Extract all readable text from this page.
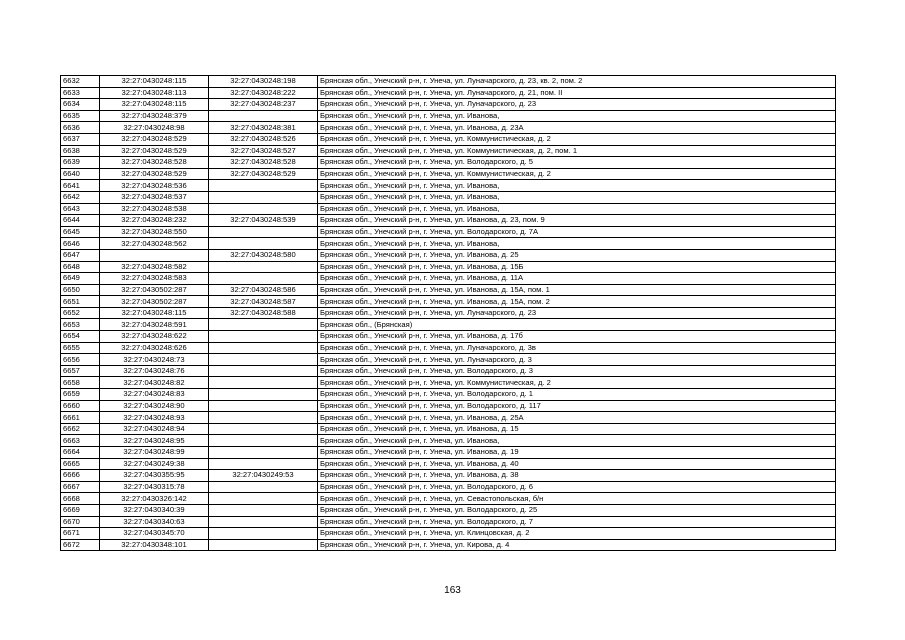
6632	32:27:0430248:115	32:27:0430248:198	Брянская обл., Унечский р-н, г. Унеча, ул. Луначарского, д. 23, кв. 2, пом. 2
6633	32:27:0430248:113	32:27:0430248:222	Брянская обл., Унечский р-н, г. Унеча, ул. Луначарского, д. 21, пом. II
6634	32:27:0430248:115	32:27:0430248:237	Брянская обл., Унечский р-н, г. Унеча, ул. Луначарского, д. 23
6635	32:27:0430248:379		Брянская обл., Унечский р-н, г. Унеча, ул. Иванова,
6636	32:27:0430248:98	32:27:0430248:381	Брянская обл., Унечский р-н, г. Унеча, ул. Иванова, д. 23А
6637	32:27:0430248:529	32:27:0430248:526	Брянская обл., Унечский р-н, г. Унеча, ул. Коммунистическая, д. 2
6638	32:27:0430248:529	32:27:0430248:527	Брянская обл., Унечский р-н, г. Унеча, ул. Коммунистическая, д. 2, пом. 1
6639	32:27:0430248:528	32:27:0430248:528	Брянская обл., Унечский р-н, г. Унеча, ул. Володарского, д. 5
6640	32:27:0430248:529	32:27:0430248:529	Брянская обл., Унечский р-н, г. Унеча, ул. Коммунистическая, д. 2
6641	32:27:0430248:536		Брянская обл., Унечский р-н, г. Унеча, ул. Иванова,
6642	32:27:0430248:537		Брянская обл., Унечский р-н, г. Унеча, ул. Иванова,
6643	32:27:0430248:538		Брянская обл., Унечский р-н, г. Унеча, ул. Иванова,
6644	32:27:0430248:232	32:27:0430248:539	Брянская обл., Унечский р-н, г. Унеча, ул. Иванова, д. 23, пом. 9
6645	32:27:0430248:550		Брянская обл., Унечский р-н, г. Унеча, ул. Володарского, д. 7А
6646	32:27:0430248:562		Брянская обл., Унечский р-н, г. Унеча, ул. Иванова,
6647		32:27:0430248:580	Брянская обл., Унечский р-н, г. Унеча, ул. Иванова, д. 25
6648	32:27:0430248:582		Брянская обл., Унечский р-н, г. Унеча, ул. Иванова, д. 15Б
6649	32:27:0430248:583		Брянская обл., Унечский р-н, г. Унеча, ул. Иванова, д. 11А
6650	32:27:0430502:287	32:27:0430248:586	Брянская обл., Унечский р-н, г. Унеча, ул. Иванова, д. 15А, пом. 1
6651	32:27:0430502:287	32:27:0430248:587	Брянская обл., Унечский р-н, г. Унеча, ул. Иванова, д. 15А, пом. 2
6652	32:27:0430248:115	32:27:0430248:588	Брянская обл., Унечский р-н, г. Унеча, ул. Луначарского, д. 23
6653	32:27:0430248:591		Брянская обл., (Брянская)
6654	32:27:0430248:622		Брянская обл., Унечский р-н, г. Унеча, ул. Иванова, д. 17б
6655	32:27:0430248:626		Брянская обл., Унечский р-н, г. Унеча, ул. Луначарского, д. 3в
6656	32:27:0430248:73		Брянская обл., Унечский р-н, г. Унеча, ул. Луначарского, д. 3
6657	32:27:0430248:76		Брянская обл., Унечский р-н, г. Унеча, ул. Володарского, д. 3
6658	32:27:0430248:82		Брянская обл., Унечский р-н, г. Унеча, ул. Коммунистическая, д. 2
6659	32:27:0430248:83		Брянская обл., Унечский р-н, г. Унеча, ул. Володарского, д. 1
6660	32:27:0430248:90		Брянская обл., Унечский р-н, г. Унеча, ул. Володарского, д. 117
6661	32:27:0430248:93		Брянская обл., Унечский р-н, г. Унеча, ул. Иванова, д. 25А
6662	32:27:0430248:94		Брянская обл., Унечский р-н, г. Унеча, ул. Иванова, д. 15
6663	32:27:0430248:95		Брянская обл., Унечский р-н, г. Унеча, ул. Иванова,
6664	32:27:0430248:99		Брянская обл., Унечский р-н, г. Унеча, ул. Иванова, д. 19
6665	32:27:0430249:38		Брянская обл., Унечский р-н, г. Унеча, ул. Иванова, д. 40
6666	32:27:0430355:95	32:27:0430249:53	Брянская обл., Унечский р-н, г. Унеча, ул. Иванова, д. 38
6667	32:27:0430315:78		Брянская обл., Унечский р-н, г. Унеча, ул. Володарского, д. 6
6668	32:27:0430326:142		Брянская обл., Унечский р-н, г. Унеча, ул. Севастопольская, б/н
6669	32:27:0430340:39		Брянская обл., Унечский р-н, г. Унеча, ул. Володарского, д. 25
6670	32:27:0430340:63		Брянская обл., Унечский р-н, г. Унеча, ул. Володарского, д. 7
6671	32:27:0430345:70		Брянская обл., Унечский р-н, г. Унеча, ул. Клинцовская, д. 2
6672	32:27:0430348:101		Брянская обл., Унечский р-н, г. Унеча, ул. Кирова, д. 4
163
